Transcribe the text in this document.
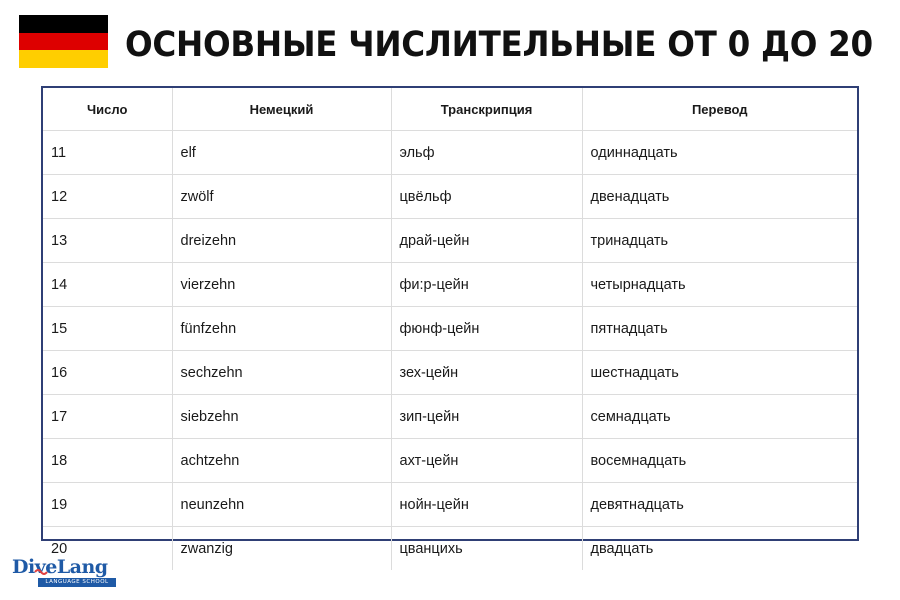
ОСНОВНЫЕ ЧИСЛИТЕЛЬНЫЕ ОТ 0 ДО 20
Число	Немецкий	Транскрипция	Перевод
11	elf	эльф	одиннадцать
12	zwölf	цвёльф	двенадцать
13	dreizehn	драй-цейн	тринадцать
14	vierzehn	фи:р-цейн	четырнадцать
15	fünfzehn	фюнф-цейн	пятнадцать
16	sechzehn	зех-цейн	шестнадцать
17	siebzehn	зип-цейн	семнадцать
18	achtzehn	ахт-цейн	восемнадцать
19	neunzehn	нойн-цейн	девятнадцать
20	zwanzig	цванцихь	двадцать
DiveLang
LANGUAGE SCHOOL
